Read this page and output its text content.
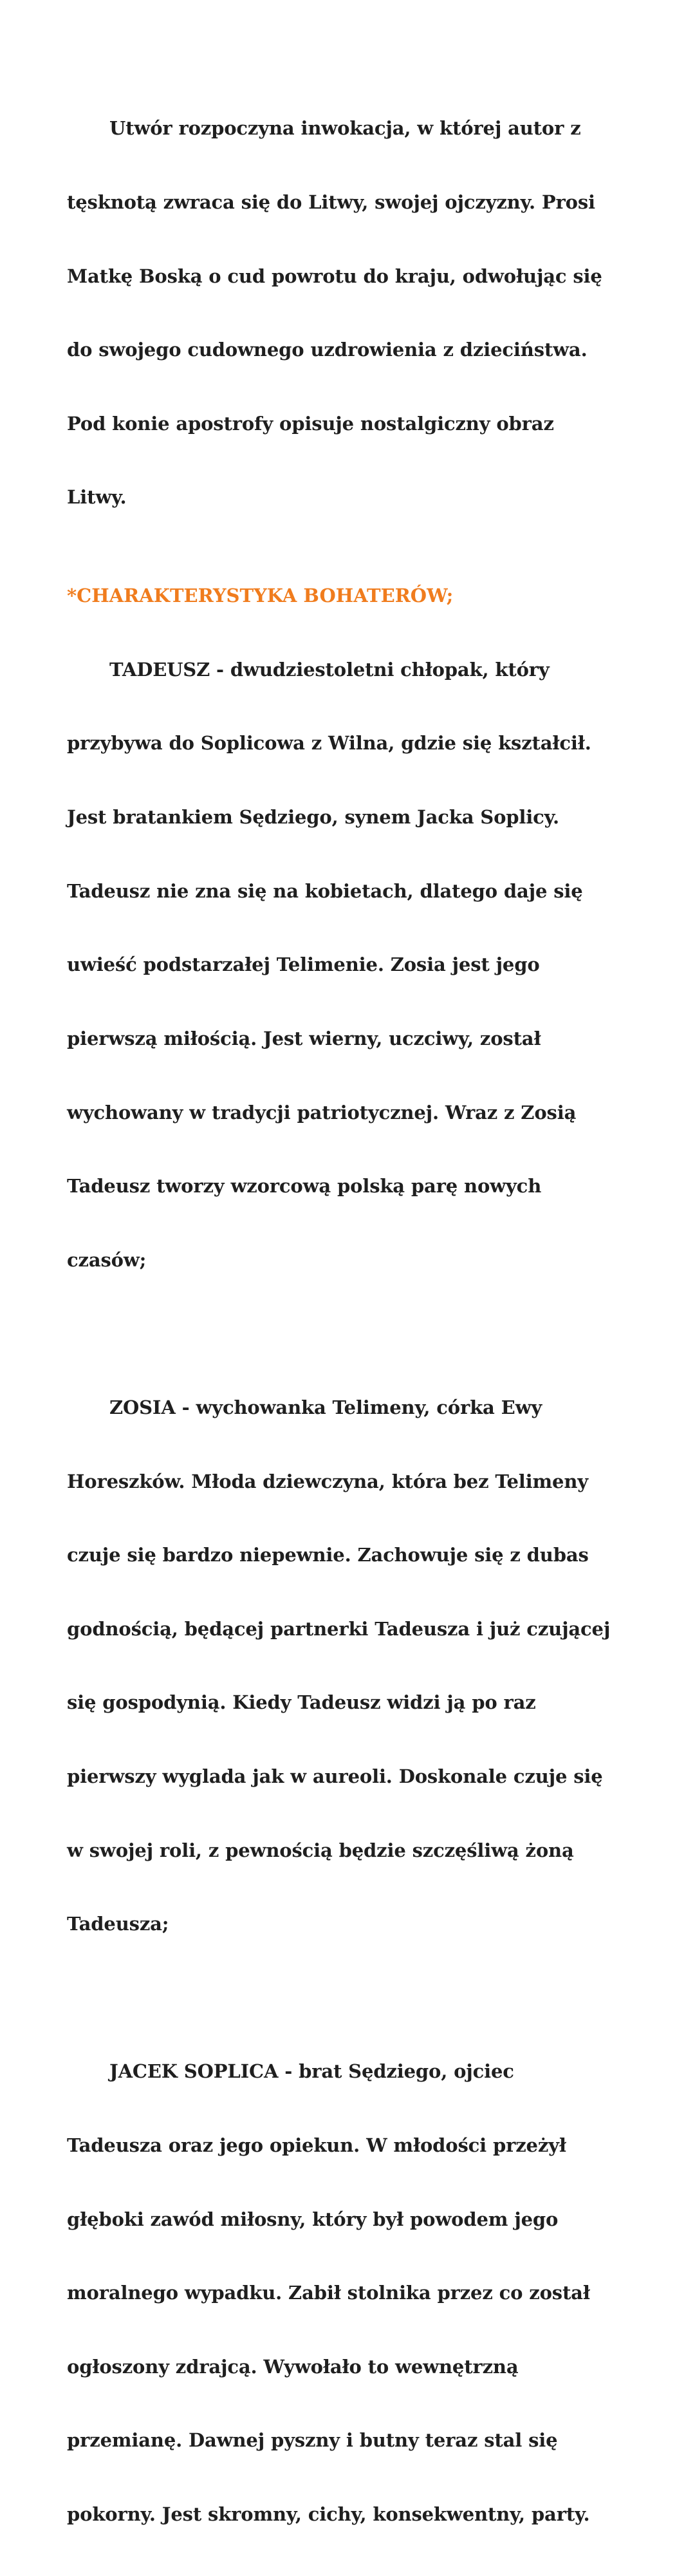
Utwór rozpoczyna inwokacja, w której autor z

tęsknotą zwraca się do Litwy, swojej ojczyzny. Prosi

Matkę Boską o cud powrotu do kraju, odwołując się

do swojego cudownego uzdrowienia z dzieciństwa.

Pod konie apostrofy opisuje nostalgiczny obraz

Litwy.

*CHARAKTERYSTYKA BOHATERÓW;

TADEUSZ - dwudziestoletni chłopak, który

przybywa do Soplicowa z Wilna, gdzie się kształcił.

Jest bratankiem Sędziego, synem Jacka Soplicy.

Tadeusz nie zna się na kobietach, dlatego daje się

uwieść podstarzałej Telimenie. Zosia jest jego

pierwszą miłością. Jest wierny, uczciwy, został

wychowany w tradycji patriotycznej. Wraz z Zosią

Tadeusz tworzy wzorcową polską parę nowych

czasów;

ZOSIA - wychowanka Telimeny, córka Ewy

Horeszków. Młoda dziewczyna, która bez Telimeny

czuje się bardzo niepewnie. Zachowuje się z dubas

godnością, będącej partnerki Tadeusza i już czującej

się gospodynią. Kiedy Tadeusz widzi ją po raz

pierwszy wyglada jak w aureoli. Doskonale czuje się

w swojej roli, z pewnością będzie szczęśliwą żoną

Tadeusza;

JACEK SOPLICA - brat Sędziego, ojciec

Tadeusza oraz jego opiekun. W młodości przeżył

głęboki zawód miłosny, który był powodem jego

moralnego wypadku. Zabił stolnika przez co został

ogłoszony zdrajcą. Wywołało to wewnętrzną

przemianę. Dawnej pyszny i butny teraz stal się

pokorny. Jest skromny, cichy, konsekwentny, party.
